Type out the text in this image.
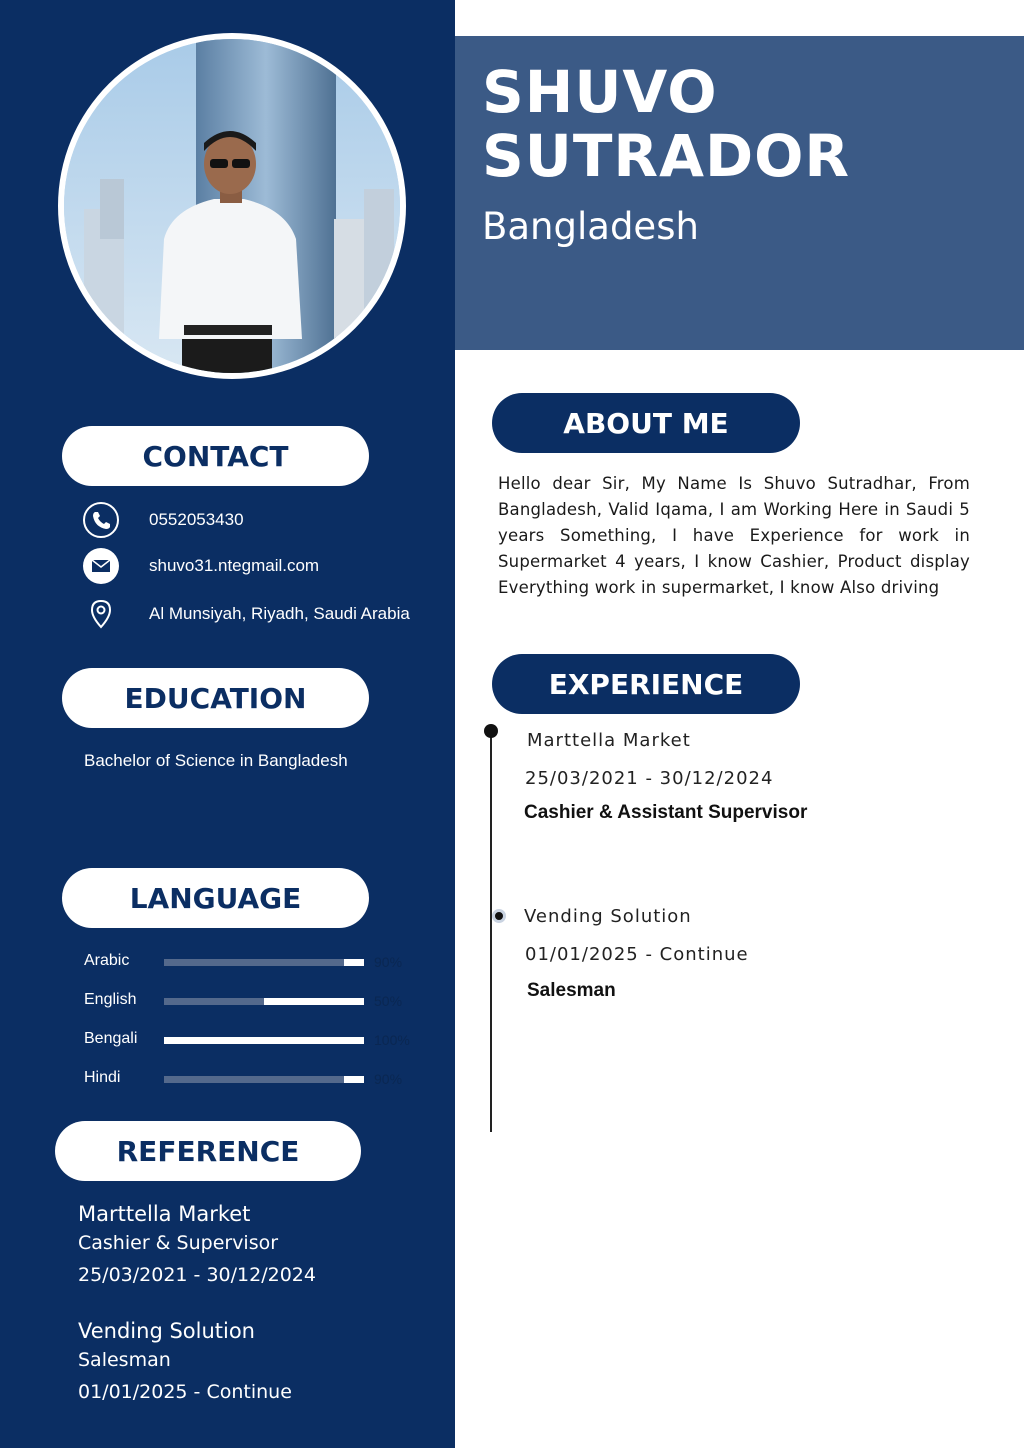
SHUVO
SUTRADOR
Bangladesh
CONTACT
0552053430
shuvo31.ntegmail.com
Al Munsiyah, Riyadh, Saudi Arabia
EDUCATION
Bachelor of Science in Bangladesh
LANGUAGE
Arabic	90%
English	50%
Bengali	100%
Hindi	90%
REFERENCE
Marttella Market
Cashier & Supervisor
25/03/2021 - 30/12/2024
Vending Solution
Salesman
01/01/2025 - Continue
ABOUT ME
Hello dear Sir, My Name Is Shuvo Sutradhar, From Bangladesh, Valid Iqama, I am Working Here in Saudi 5 years Something, I have Experience for work in Supermarket 4 years, I know Cashier, Product display Everything work in supermarket, I know Also driving
EXPERIENCE
Marttella Market
25/03/2021 - 30/12/2024
Cashier & Assistant Supervisor
Vending Solution
01/01/2025 - Continue
Salesman
